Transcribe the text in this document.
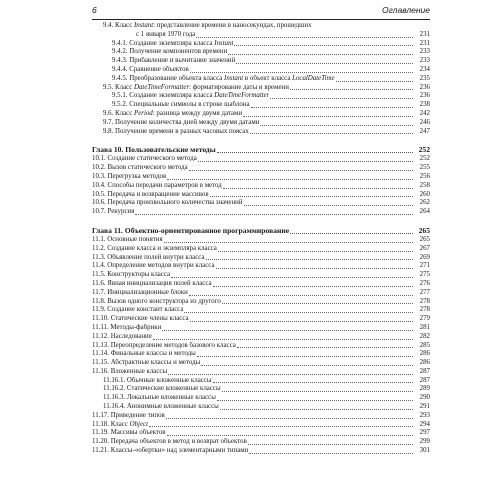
6	Оглавление
9.4. Класс Instant: представление времени в наносекундах, прошедших
с 1 января 1970 года	231
9.4.1. Создание экземпляра класса Instant	231
9.4.2. Получение компонентов времени	233
9.4.3. Прибавление и вычитание значений	233
9.4.4. Сравнение объектов	234
9.4.5. Преобразование объекта класса Instant в объект класса LocalDateTime	235
9.5. Класс DateTimeFormatter: форматирование даты и времени	236
9.5.1. Создание экземпляра класса DateTimeFormatter	236
9.5.2. Специальные символы в строке шаблона	238
9.6. Класс Period: разница между двумя датами	242
9.7. Получение количества дней между двумя датами	246
9.8. Получение времени в разных часовых поясах	247
Глава 10. Пользовательские методы	252
10.1. Создание статического метода	252
10.2. Вызов статического метода	255
10.3. Перегрузка методов	256
10.4. Способы передачи параметров в метод	258
10.5. Передача и возвращение массивов	260
10.6. Передача произвольного количества значений	262
10.7. Рекурсия	264
Глава 11. Объектно-ориентированное программирование	265
11.1. Основные понятия	265
11.2. Создание класса и экземпляра класса	267
11.3. Объявление полей внутри класса	269
11.4. Определение методов внутри класса	271
11.5. Конструкторы класса	275
11.6. Явная инициализация полей класса	276
11.7. Инициализационные блоки	277
11.8. Вызов одного конструктора из другого	278
11.9. Создание констант класса	278
11.10. Статические члены класса	279
11.11. Методы-фабрики	281
11.12. Наследование	282
11.13. Переопределение методов базового класса	285
11.14. Финальные классы и методы	286
11.15. Абстрактные классы и методы	286
11.16. Вложенные классы	287
11.16.1. Обычные вложенные классы	287
11.16.2. Статические вложенные классы	289
11.16.3. Локальные вложенные классы	290
11.16.4. Анонимные вложенные классы	291
11.17. Приведение типов	293
11.18. Класс Object	294
11.19. Массивы объектов	297
11.20. Передача объектов в метод и возврат объектов	299
11.21. Классы-«обертки» над элементарными типами	301
